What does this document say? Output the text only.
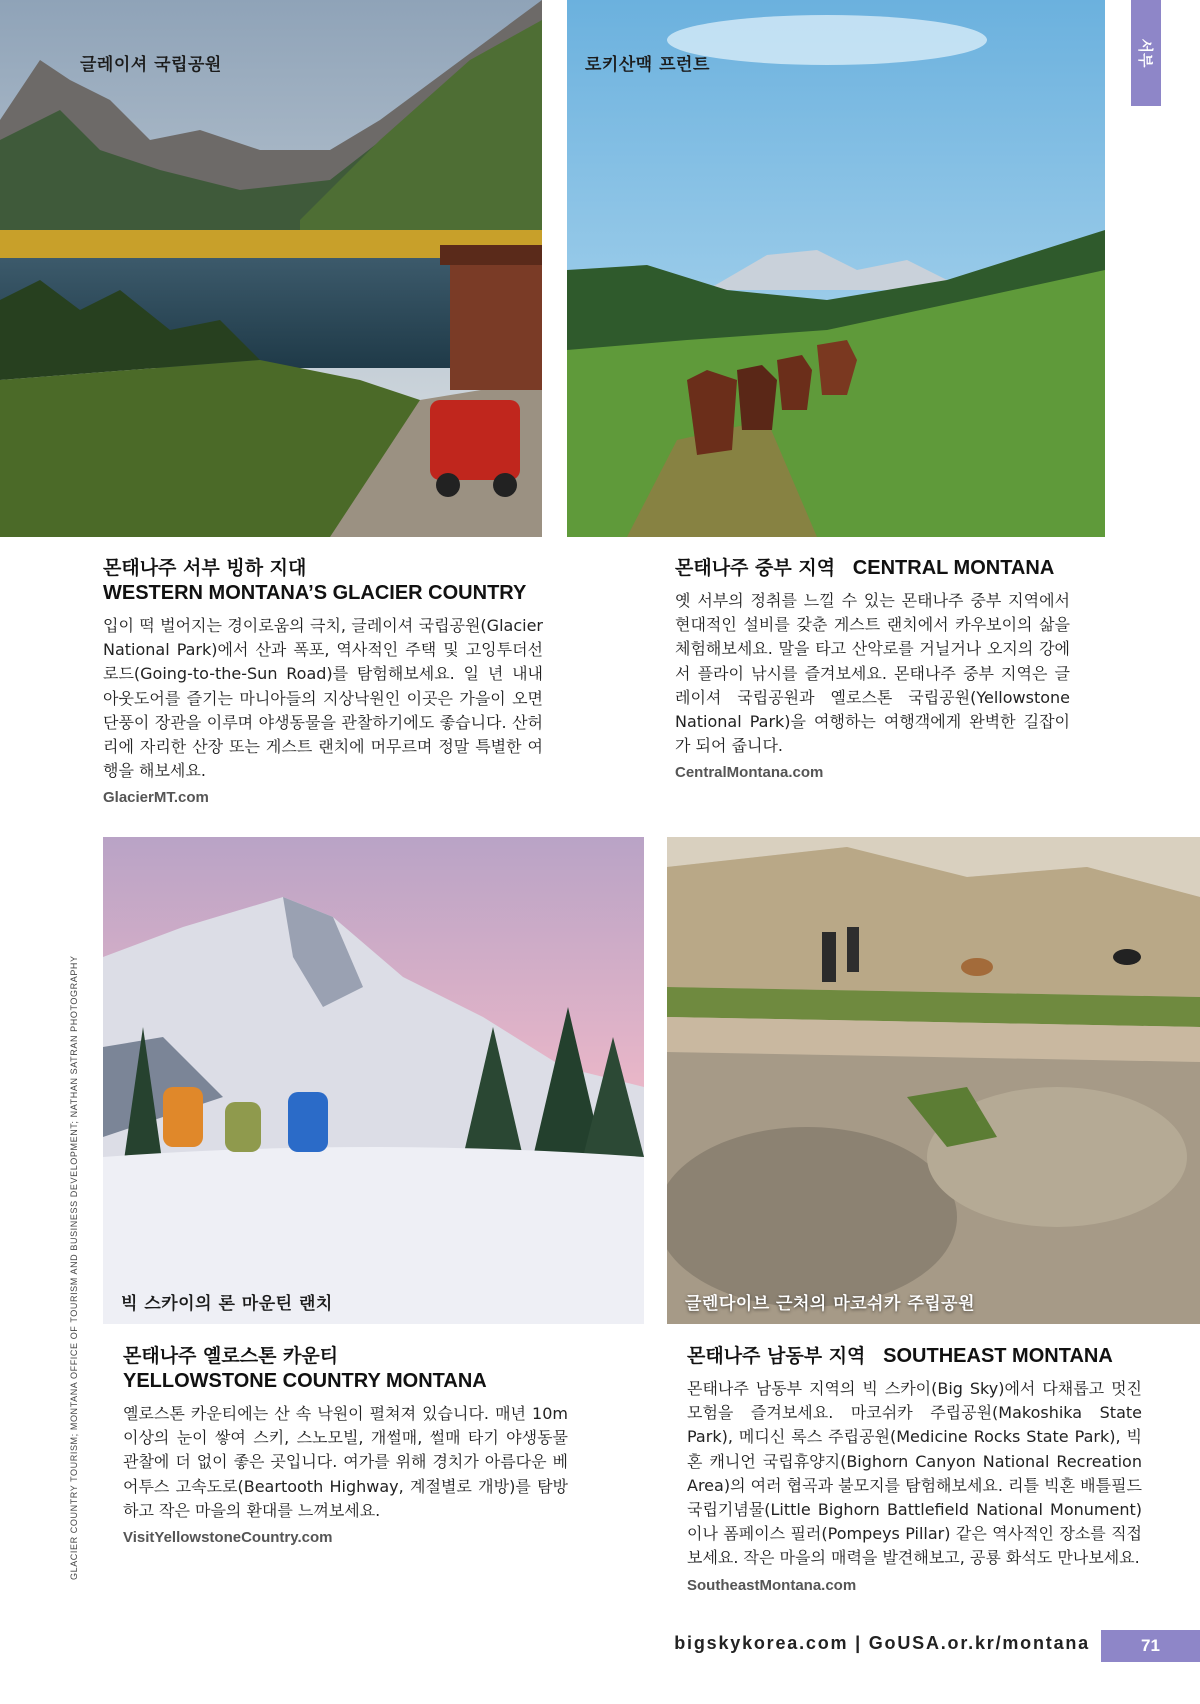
서부
GLACIER COUNTRY TOURISM; MONTANA OFFICE OF TOURISM AND BUSINESS DEVELOPMENT; NATHAN SATRAN PHOTOGRAPHY
글레이셔 국립공원	로키산맥 프런트
몬태나주 서부 빙하 지대
WESTERN MONTANA’S GLACIER COUNTRY

입이 떡 벌어지는 경이로움의 극치, 글레이셔 국립공원(Glacier National Park)에서 산과 폭포, 역사적인 주택 및 고잉투더선 로드(Going-to-the-Sun Road)를 탐험해보세요. 일 년 내내 아웃도어를 즐기는 마니아들의 지상낙원인 이곳은 가을이 오면 단풍이 장관을 이루며 야생동물을 관찰하기에도 좋습니다. 산허리에 자리한 산장 또는 게스트 랜치에 머무르며 정말 특별한 여행을 해보세요.

GlacierMT.com
몬태나주 중부 지역   CENTRAL MONTANA

옛 서부의 정취를 느낄 수 있는 몬태나주 중부 지역에서 현대적인 설비를 갖춘 게스트 랜치에서 카우보이의 삶을 체험해보세요. 말을 타고 산악로를 거닐거나 오지의 강에서 플라이 낚시를 즐겨보세요. 몬태나주 중부 지역은 글레이셔 국립공원과 옐로스톤 국립공원(Yellowstone National Park)을 여행하는 여행객에게 완벽한 길잡이가 되어 줍니다.

CentralMontana.com
빅 스카이의 론 마운틴 랜치	글렌다이브 근처의 마코쉬카 주립공원
몬태나주 옐로스톤 카운티
YELLOWSTONE COUNTRY MONTANA

옐로스톤 카운티에는 산 속 낙원이 펼쳐져 있습니다. 매년 10m 이상의 눈이 쌓여 스키, 스노모빌, 개썰매, 썰매 타기 야생동물 관찰에 더 없이 좋은 곳입니다. 여가를 위해 경치가 아름다운 베어투스 고속도로(Beartooth Highway, 계절별로 개방)를 탐방하고 작은 마을의 환대를 느껴보세요.

VisitYellowstoneCountry.com
몬태나주 남동부 지역   SOUTHEAST MONTANA

몬태나주 남동부 지역의 빅 스카이(Big Sky)에서 다채롭고 멋진 모험을 즐겨보세요. 마코쉬카 주립공원(Makoshika State Park), 메디신 록스 주립공원(Medicine Rocks State Park), 빅혼 캐니언 국립휴양지(Bighorn Canyon National Recreation Area)의 여러 협곡과 불모지를 탐험해보세요. 리틀 빅혼 배틀필드 국립기념물(Little Bighorn Battlefield National Monument)이나 폼페이스 필러(Pompeys Pillar) 같은 역사적인 장소를 직접 보세요. 작은 마을의 매력을 발견해보고, 공룡 화석도 만나보세요.

SoutheastMontana.com
bigskykorea.com | GoUSA.or.kr/montana	71
